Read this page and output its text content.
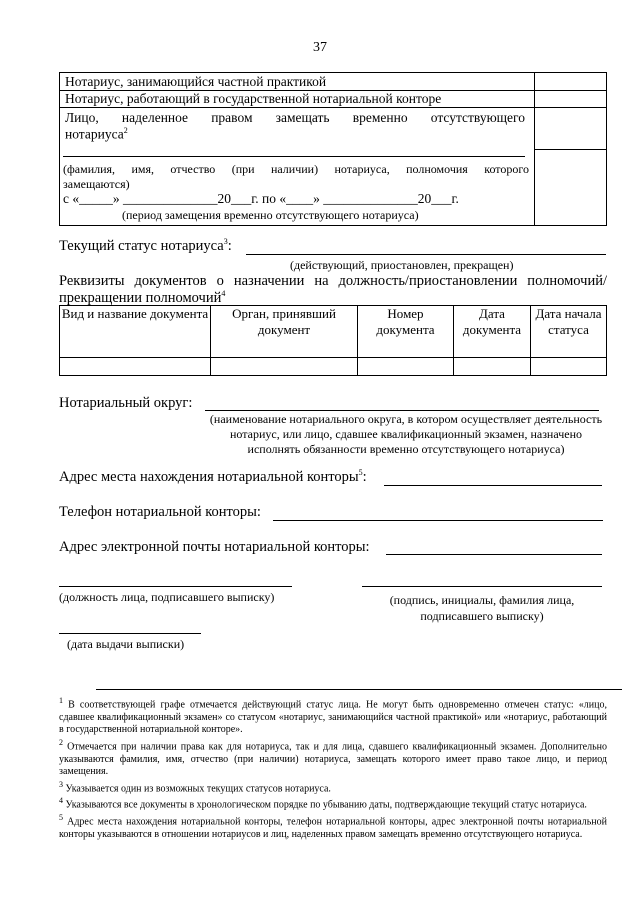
37
Нотариус, занимающийся частной практикой
Нотариус, работающий в государственной нотариальной конторе
Лицо, наделенное правом замещать временно отсутствующего
нотариуса$^2$
(фамилия, имя, отчество (при наличии) нотариуса, полномочия которого
замещаются)
с «_____» ______________20___г. по «____» ______________20___г.
(период замещения временно отсутствующего нотариуса)
Текущий статус нотариуса$^3$:
(действующий, приостановлен, прекращен)
Реквизиты документов о назначении на должность/приостановлении полномочий/
прекращении полномочий$^4$
Вид и название документа	Орган, принявший документ	Номер документа	Дата документа	Дата начала статуса

Нотариальный округ:
(наименование нотариального округа, в котором осуществляет деятельность нотариус, или лицо, сдавшее квалификационный экзамен, назначено исполнять обязанности временно отсутствующего нотариуса)
Адрес места нахождения нотариальной конторы$^5$:
Телефон нотариальной конторы:
Адрес электронной почты нотариальной конторы:
(должность лица, подписавшего выписку)	(подпись, инициалы, фамилия лица,
подписавшего выписку)
(дата выдачи выписки)
$^1$ В соответствующей графе отмечается действующий статус лица. Не могут быть одновременно отмечен статус: «лицо, сдавшее квалификационный экзамен» со статусом «нотариус, занимающийся частной практикой» или «нотариус, работающий в государственной нотариальной конторе».
$^2$ Отмечается при наличии права как для нотариуса, так и для лица, сдавшего квалификационный экзамен. Дополнительно указываются фамилия, имя, отчество (при наличии) нотариуса, замещать которого имеет право такое лицо, и период замещения.
$^3$ Указывается один из возможных текущих статусов нотариуса.
$^4$ Указываются все документы в хронологическом порядке по убыванию даты, подтверждающие текущий статус нотариуса.
$^5$ Адрес места нахождения нотариальной конторы, телефон нотариальной конторы, адрес электронной почты нотариальной конторы указываются в отношении нотариусов и лиц, наделенных правом замещать временно отсутствующего нотариуса.
